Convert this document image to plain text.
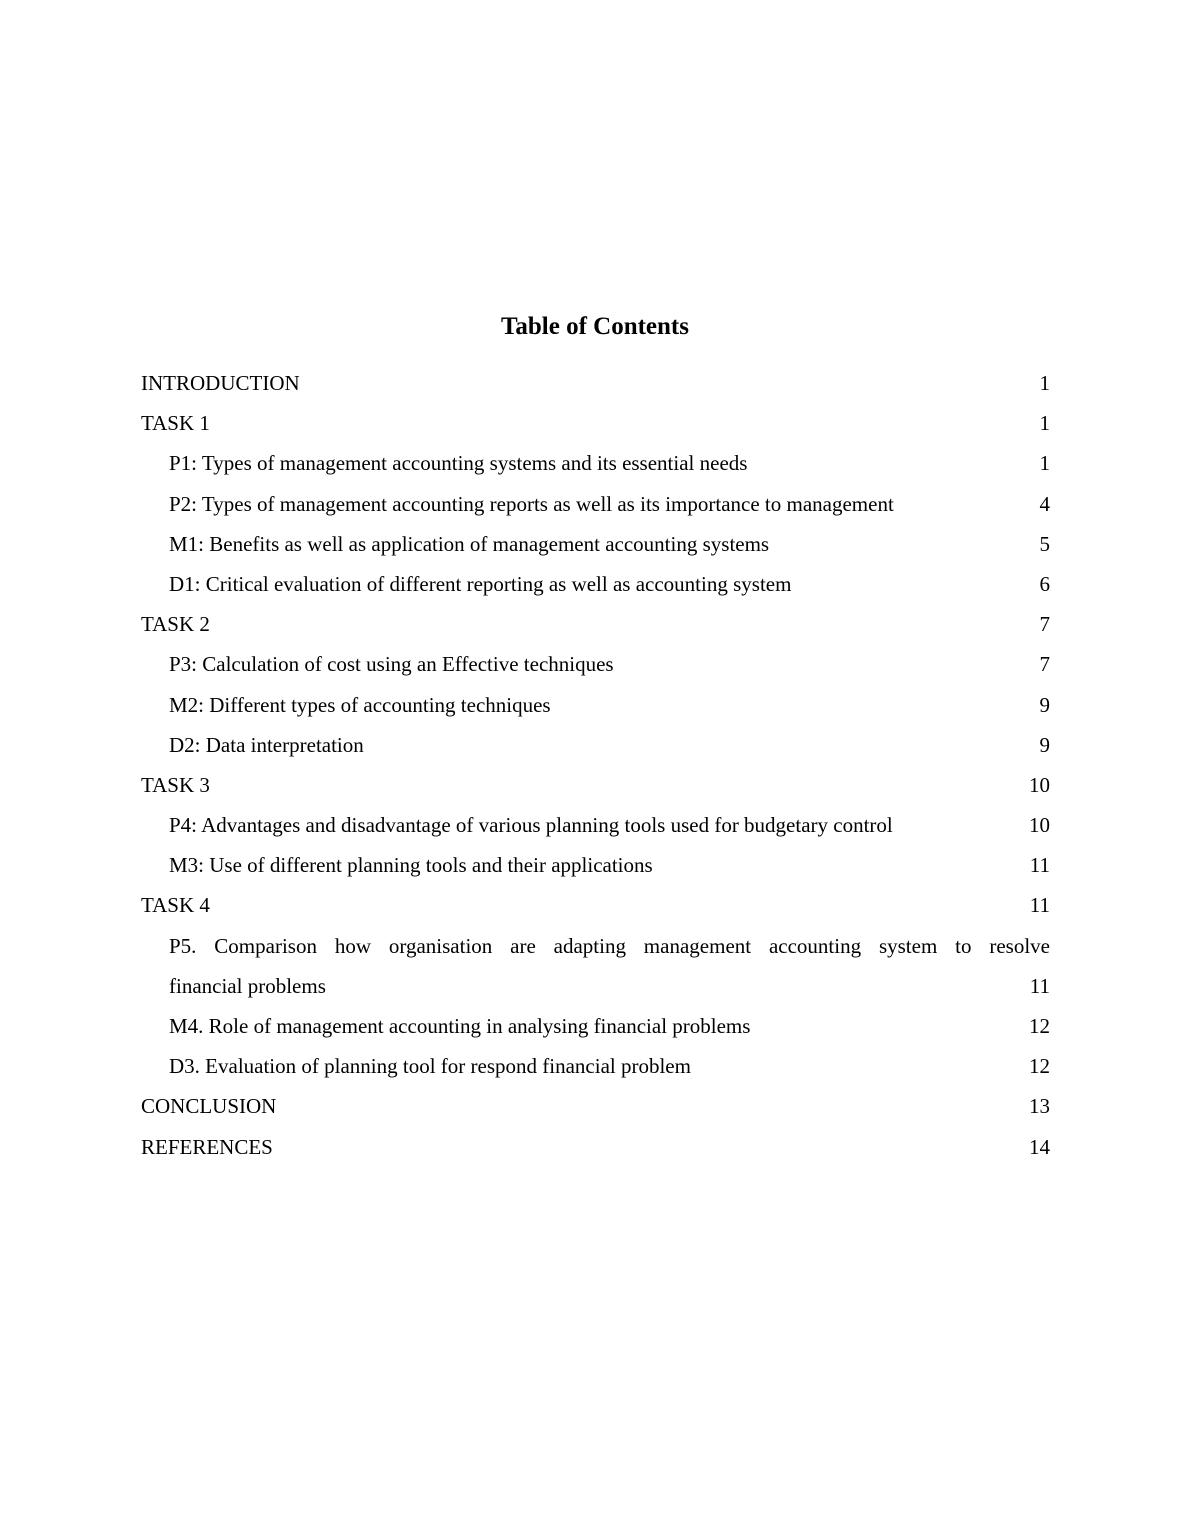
Table of Contents
INTRODUCTION	1
TASK 1	1
P1: Types of management accounting systems and its essential needs	1
P2: Types of management accounting reports as well as its importance to management	4
M1: Benefits as well as application of management accounting systems	5
D1: Critical evaluation of different reporting as well as accounting system	6
TASK 2	7
P3: Calculation of cost using an Effective techniques	7
M2: Different types of accounting techniques	9
D2: Data interpretation	9
TASK 3	10
P4: Advantages and disadvantage of various planning tools used for budgetary control	10
M3: Use of different planning tools and their applications	11
TASK 4	11
P5. Comparison how organisation are adapting management accounting system to resolve
financial problems	11
M4. Role of management accounting in analysing financial problems	12
D3. Evaluation of planning tool for respond financial problem	12
CONCLUSION	13
REFERENCES	14
